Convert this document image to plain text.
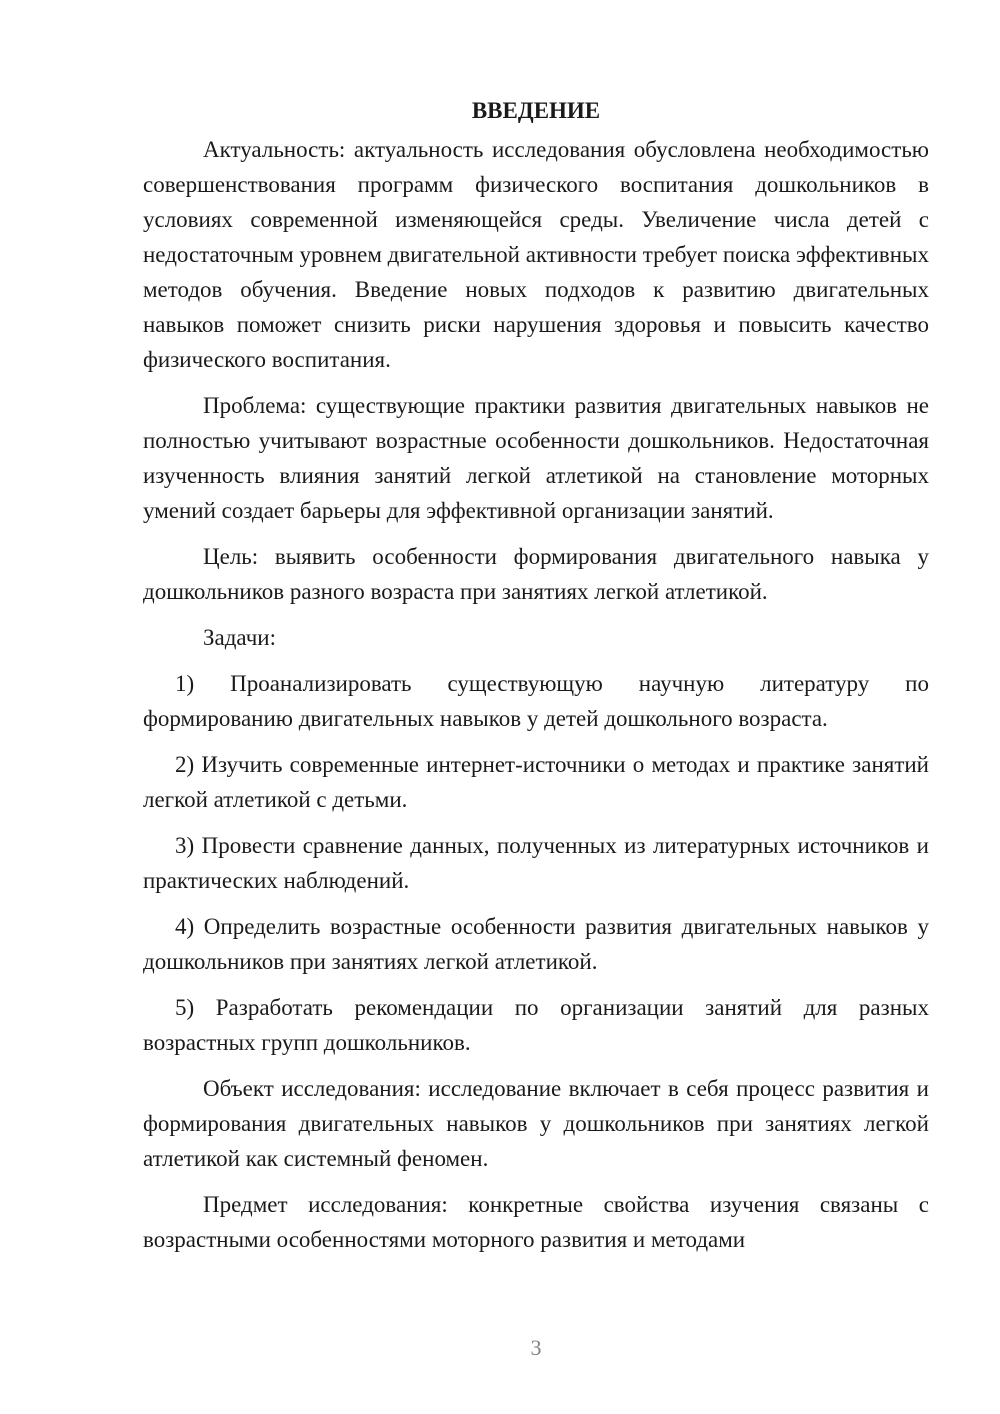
ВВЕДЕНИЕ

Актуальность: актуальность исследования обусловлена необходимостью совершенствования программ физического воспитания дошкольников в условиях современной изменяющейся среды. Увеличение числа детей с недостаточным уровнем двигательной активности требует поиска эффективных методов обучения. Введение новых подходов к развитию двигательных навыков поможет снизить риски нарушения здоровья и повысить качество физического воспитания.

Проблема: существующие практики развития двигательных навыков не полностью учитывают возрастные особенности дошкольников. Недостаточная изученность влияния занятий легкой атлетикой на становление моторных умений создает барьеры для эффективной организации занятий.

Цель: выявить особенности формирования двигательного навыка у дошкольников разного возраста при занятиях легкой атлетикой.

Задачи:

1) Проанализировать существующую научную литературу по формированию двигательных навыков у детей дошкольного возраста.

2) Изучить современные интернет-источники о методах и практике занятий легкой атлетикой с детьми.

3) Провести сравнение данных, полученных из литературных источников и практических наблюдений.

4) Определить возрастные особенности развития двигательных навыков у дошкольников при занятиях легкой атлетикой.

5) Разработать рекомендации по организации занятий для разных возрастных групп дошкольников.

Объект исследования: исследование включает в себя процесс развития и формирования двигательных навыков у дошкольников при занятиях легкой атлетикой как системный феномен.

Предмет исследования: конкретные свойства изучения связаны с возрастными особенностями моторного развития и методами

3
